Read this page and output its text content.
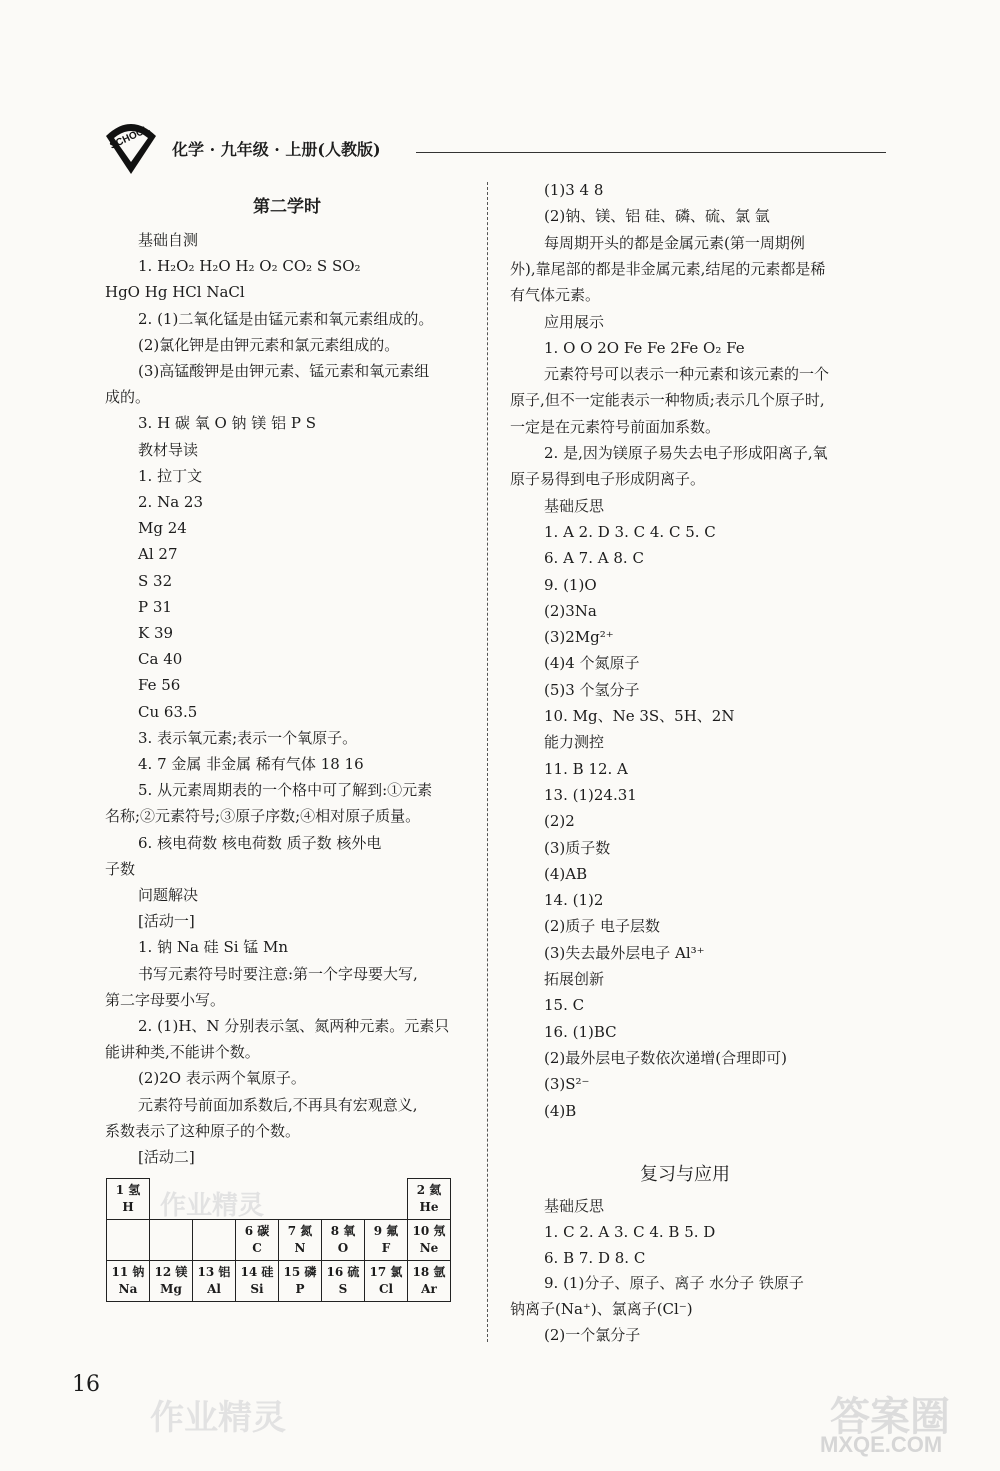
SCHOOL 化学 · 九年级 · 上册(人教版)
第二学时
基础自测
1. H₂O₂ H₂O H₂ O₂ CO₂ S SO₂
HgO Hg HCl NaCl
2. (1)二氧化锰是由锰元素和氧元素组成的。
(2)氯化钾是由钾元素和氯元素组成的。
(3)高锰酸钾是由钾元素、锰元素和氧元素组
成的。
3. H 碳 氧 O 钠 镁 铝 P S
教材导读
1. 拉丁文
2. Na 23
Mg 24
Al 27
S 32
P 31
K 39
Ca 40
Fe 56
Cu 63.5
3. 表示氧元素;表示一个氧原子。
4. 7 金属 非金属 稀有气体 18 16
5. 从元素周期表的一个格中可了解到:①元素
名称;②元素符号;③原子序数;④相对原子质量。
6. 核电荷数 核电荷数 质子数 核外电
子数
问题解决
[活动一]
1. 钠 Na 硅 Si 锰 Mn
书写元素符号时要注意:第一个字母要大写,
第二字母要小写。
2. (1)H、N 分别表示氢、氮两种元素。元素只
能讲种类,不能讲个数。
(2)2O 表示两个氧原子。
元素符号前面加系数后,不再具有宏观意义,
系数表示了这种原子的个数。
[活动二]
1 氢
H							2 氦
He

			6 碳
C	7 氮
N	8 氧
O	9 氟
F	10 氖
Ne

11 钠
Na	12 镁
Mg	13 铝
Al	14 硅
Si	15 磷
P	16 硫
S	17 氯
Cl	18 氩
Ar
(1)3 4 8
(2)钠、镁、铝 硅、磷、硫、氯 氩
每周期开头的都是金属元素(第一周期例
外),靠尾部的都是非金属元素,结尾的元素都是稀
有气体元素。
应用展示
1. O O 2O Fe Fe 2Fe O₂ Fe
元素符号可以表示一种元素和该元素的一个
原子,但不一定能表示一种物质;表示几个原子时,
一定是在元素符号前面加系数。
2. 是,因为镁原子易失去电子形成阳离子,氧
原子易得到电子形成阴离子。
基础反思
1. A 2. D 3. C 4. C 5. C
6. A 7. A 8. C
9. (1)O
(2)3Na
(3)2Mg²⁺
(4)4 个氮原子
(5)3 个氢分子
10. Mg、Ne 3S、5H、2N
能力测控
11. B 12. A
13. (1)24.31
(2)2
(3)质子数
(4)AB
14. (1)2
(2)质子 电子层数
(3)失去最外层电子 Al³⁺
拓展创新
15. C
16. (1)BC
(2)最外层电子数依次递增(合理即可)
(3)S²⁻
(4)B
复习与应用
基础反思
1. C 2. A 3. C 4. B 5. D
6. B 7. D 8. C
9. (1)分子、原子、离子 水分子 铁原子
钠离子(Na⁺)、氯离子(Cl⁻)
(2)一个氯分子
16
作业精灵
作业精灵	答案圈
MXQE.COM
